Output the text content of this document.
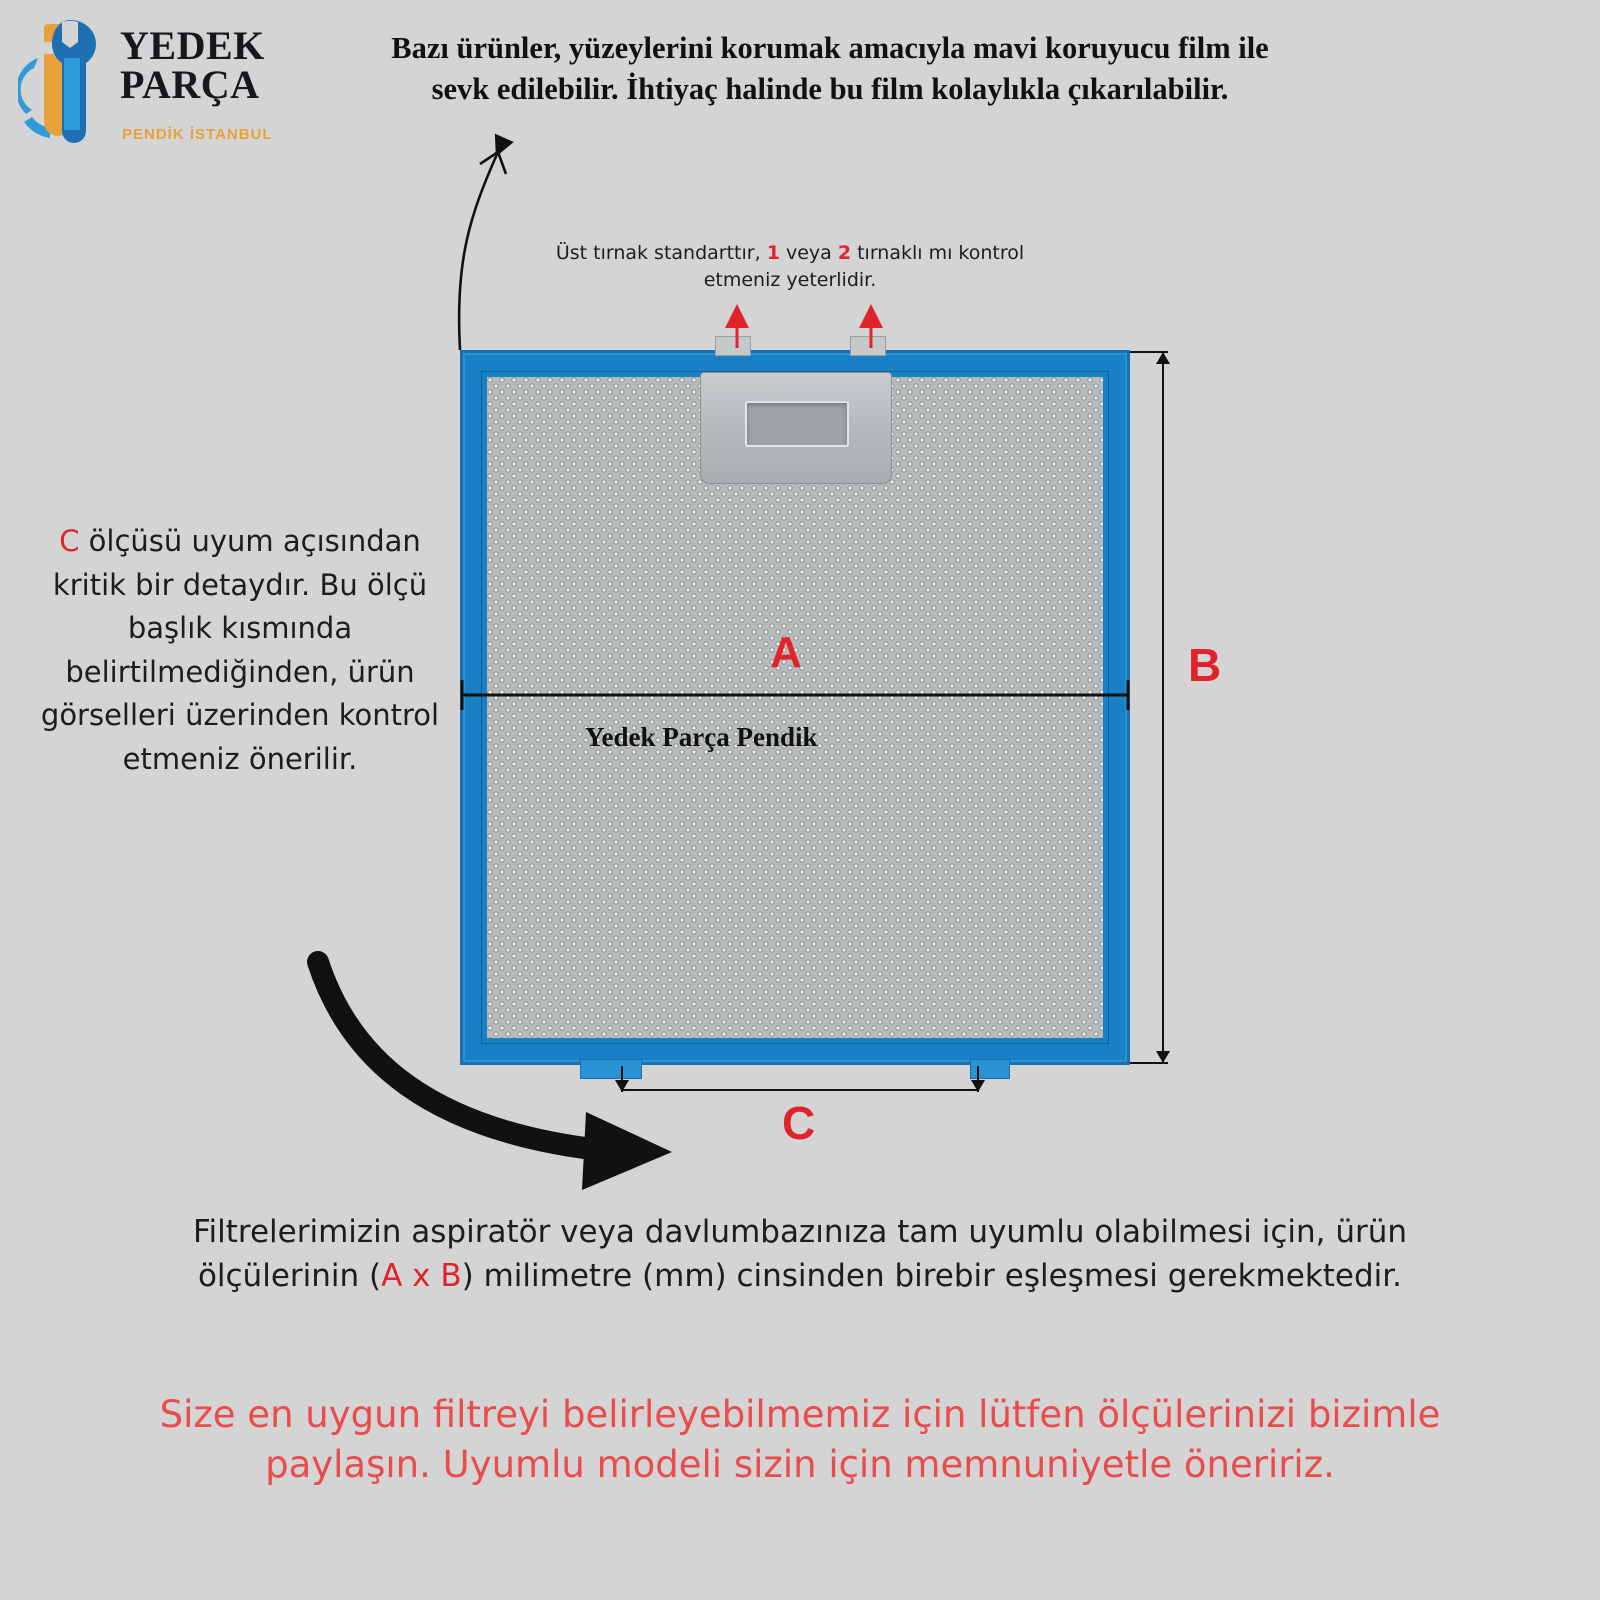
YEDEK
PARÇA
PENDİK İSTANBUL
Bazı ürünler, yüzeylerini korumak amacıyla mavi koruyucu film ile sevk edilebilir. İhtiyaç halinde bu film kolaylıkla çıkarılabilir.
Üst tırnak standarttır, 1 veya 2 tırnaklı mı kontrol etmeniz yeterlidir.
Yedek Parça Pendik
A	B
C
C ölçüsü uyum açısından kritik bir detaydır. Bu ölçü başlık kısmında belirtilmediğinden, ürün görselleri üzerinden kontrol etmeniz önerilir.
Filtrelerimizin aspiratör veya davlumbazınıza tam uyumlu olabilmesi için, ürün ölçülerinin (A x B) milimetre (mm) cinsinden birebir eşleşmesi gerekmektedir.
Size en uygun filtreyi belirleyebilmemiz için lütfen ölçülerinizi bizimle paylaşın. Uyumlu modeli sizin için memnuniyetle öneririz.
